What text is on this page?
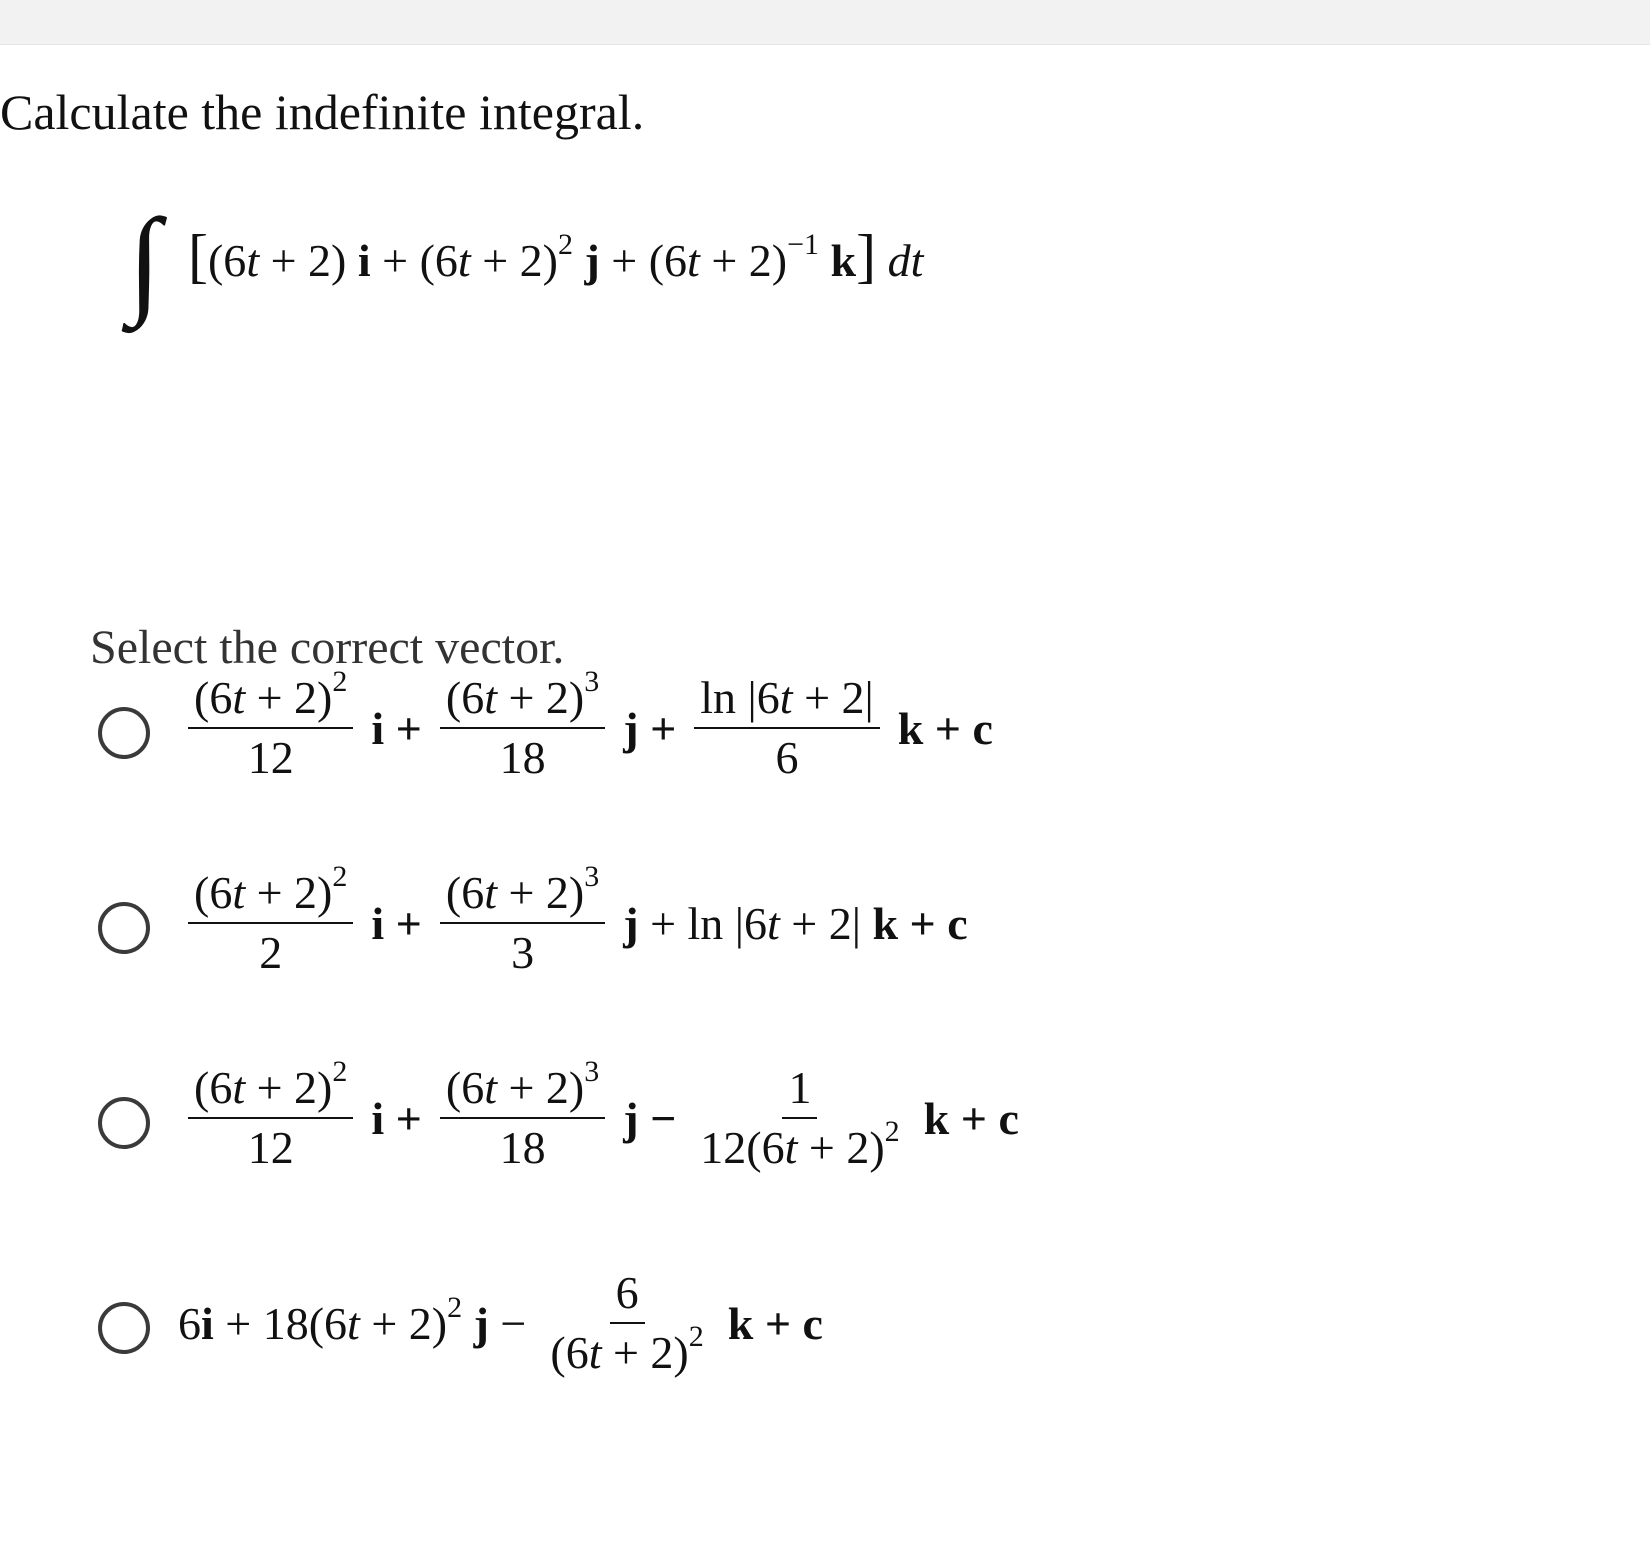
Calculate the indefinite integral.
∫ [(6t + 2) $i + (6t + 2)^2$ $j + (6t + 2)^{-1}$ k] dt
Select the correct vector.
$\frac{(6t + 2)^2}{12}$ $i + \frac{(6t + 2)^3}{18}$ $j + \frac{\ln |6t + 2|}{6}$ k + c
$\frac{(6t + 2)^2}{2}$ $i + \frac{(6t + 2)^3}{3}$ j + ln |6t + 2| k + c
$\frac{(6t + 2)^2}{12}$ $i + \frac{(6t + 2)^3}{18}$ $j - \frac{1}{12(6t + 2)^2}$ k + c
$6i + 18(6t + 2)^2$ $j - \frac{6}{(6t + 2)^2}$ k + c
